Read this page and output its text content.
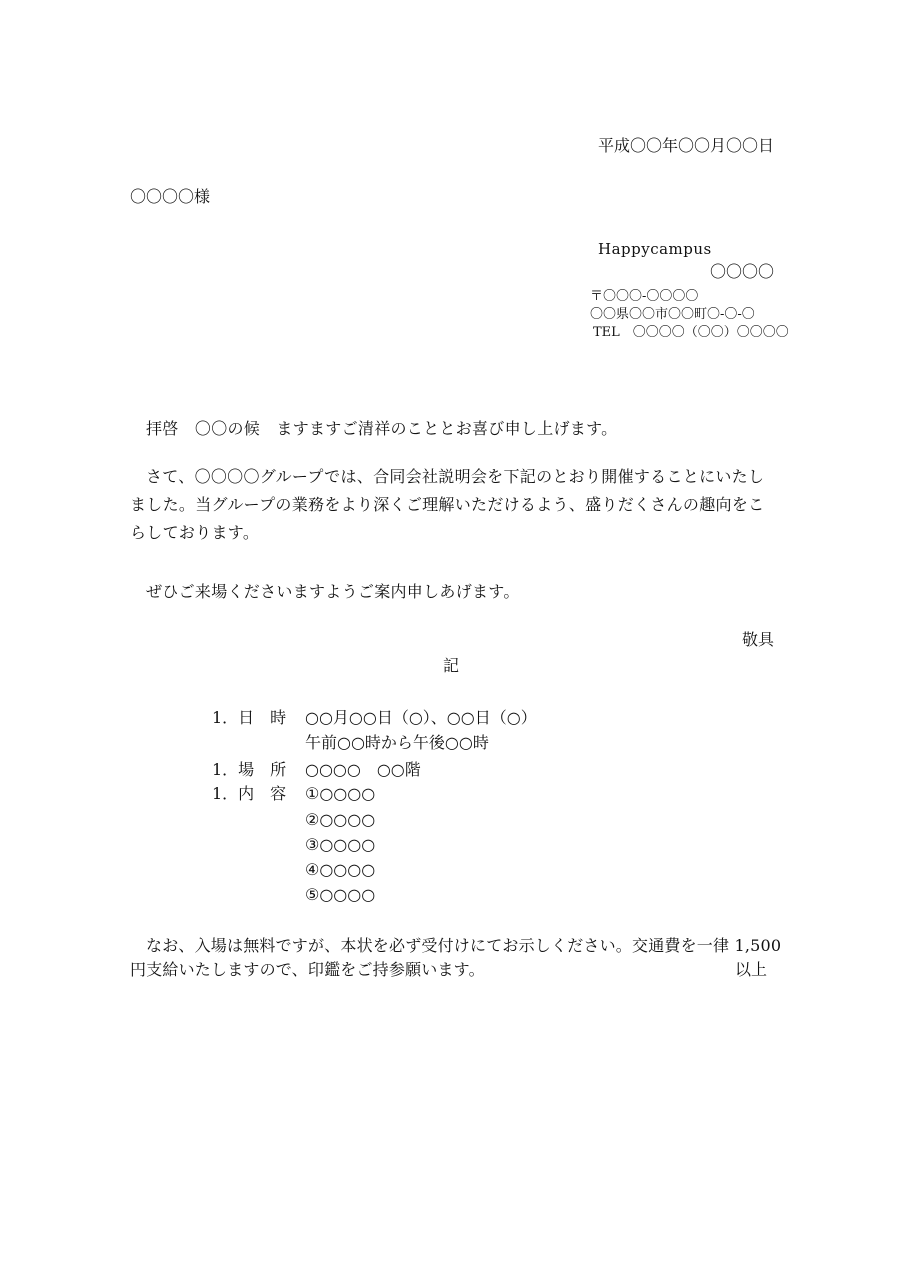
平成〇〇年〇〇月〇〇日
〇〇〇〇様
Happycampus
〇〇〇〇
〒〇〇〇-〇〇〇〇
〇〇県〇〇市〇〇町〇-〇-〇
TEL　〇〇〇〇（〇〇）〇〇〇〇
拝啓　〇〇の候　ますますご清祥のこととお喜び申し上げます。
さて、〇〇〇〇グループでは、合同会社説明会を下記のとおり開催することにいたしました。当グループの業務をより深くご理解いただけるよう、盛りだくさんの趣向をこらしております。
ぜひご来場くださいますようご案内申しあげます。
敬具
記
1．日　時 ○○月○○日（○）、○○日（○）
午前○○時から午後○○時
1．場　所 ○○○○　○○階
1．内　容 ①○○○○
②○○○○
③○○○○
④○○○○
⑤○○○○
なお、入場は無料ですが、本状を必ず受付けにてお示しください。交通費を一律 1,500
円支給いたしますので、印鑑をご持参願います。	以上
